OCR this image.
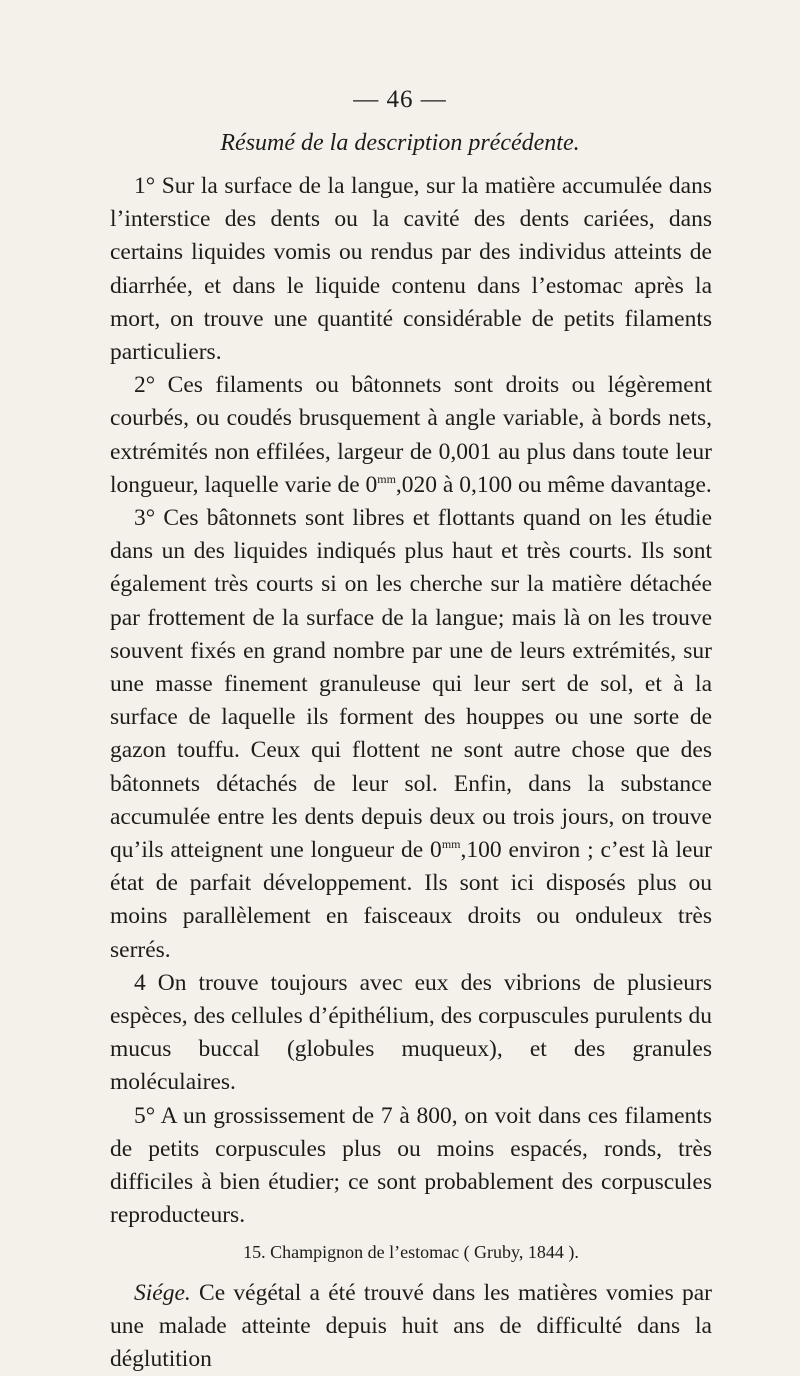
— 46 —
Résumé de la description précédente.

1° Sur la surface de la langue, sur la matière accumulée dans l’interstice des dents ou la cavité des dents cariées, dans certains liquides vomis ou rendus par des individus atteints de diarrhée, et dans le liquide contenu dans l’estomac après la mort, on trouve une quantité considérable de petits filaments particuliers.

2° Ces filaments ou bâtonnets sont droits ou légèrement courbés, ou coudés brusquement à angle variable, à bords nets, extrémités non effilées, largeur de 0,001 au plus dans toute leur longueur, laquelle varie de $0^{mm},020$ à 0,100 ou même davantage.

3° Ces bâtonnets sont libres et flottants quand on les étudie dans un des liquides indiqués plus haut et très courts. Ils sont également très courts si on les cherche sur la matière détachée par frottement de la surface de la langue; mais là on les trouve souvent fixés en grand nombre par une de leurs extrémités, sur une masse finement granuleuse qui leur sert de sol, et à la surface de laquelle ils forment des houppes ou une sorte de gazon touffu. Ceux qui flottent ne sont autre chose que des bâtonnets détachés de leur sol. Enfin, dans la substance accumulée entre les dents depuis deux ou trois jours, on trouve qu’ils atteignent une longueur de $0^{mm},100$ environ ; c’est là leur état de parfait développement. Ils sont ici disposés plus ou moins parallèlement en faisceaux droits ou onduleux très serrés.

4 On trouve toujours avec eux des vibrions de plusieurs espèces, des cellules d’épithélium, des corpuscules purulents du mucus buccal (globules muqueux), et des granules moléculaires.

5° A un grossissement de 7 à 800, on voit dans ces filaments de petits corpuscules plus ou moins espacés, ronds, très difficiles à bien étudier; ce sont probablement des corpuscules reproducteurs.

15. Champignon de l’estomac ( Gruby, 1844 ).

Siége. Ce végétal a été trouvé dans les matières vomies par une malade atteinte depuis huit ans de difficulté dans la déglutition
